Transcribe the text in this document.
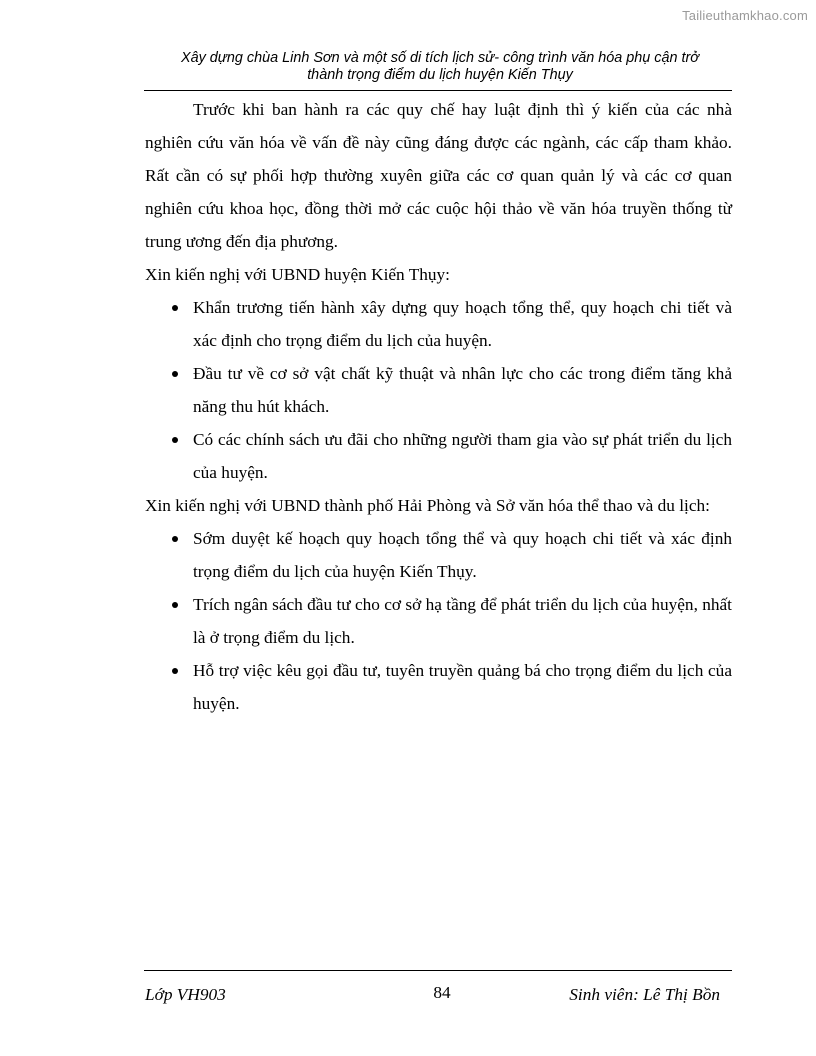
Tailieuthamkhao.com
Xây dựng chùa Linh Sơn và một số di tích lịch sử- công trình văn hóa phụ cận trở
thành trọng điểm du lịch huyện Kiến Thụy

Trước khi ban hành ra các quy chế hay luật định thì ý kiến của các nhà nghiên cứu văn hóa về vấn đề này cũng đáng được các ngành, các cấp tham khảo. Rất cần có sự phối hợp thường xuyên giữa các cơ quan quản lý và các cơ quan nghiên cứu khoa học, đồng thời mở các cuộc hội thảo về văn hóa truyền thống từ trung ương đến địa phương.

Xin kiến nghị với UBND huyện Kiến Thụy:

Khẩn trương tiến hành xây dựng quy hoạch tổng thể, quy hoạch chi tiết và xác định cho trọng điểm du lịch của huyện.
Đầu tư về cơ sở vật chất kỹ thuật và nhân lực cho các trong điểm tăng khả năng thu hút khách.
Có các chính sách ưu đãi cho những người tham gia vào sự phát triển du lịch của huyện.

Xin kiến nghị với UBND thành phố Hải Phòng và Sở văn hóa thể thao và du lịch:

Sớm duyệt kế hoạch quy hoạch tổng thể và quy hoạch chi tiết và xác định trọng điểm du lịch của huyện Kiến Thụy.
Trích ngân sách đầu tư cho cơ sở hạ tầng để phát triển du lịch của huyện, nhất là ở trọng điểm du lịch.
Hỗ trợ việc kêu gọi đầu tư, tuyên truyền quảng bá cho trọng điểm du lịch của huyện.
Lớp VH903	84	Sinh viên: Lê Thị Bồn
